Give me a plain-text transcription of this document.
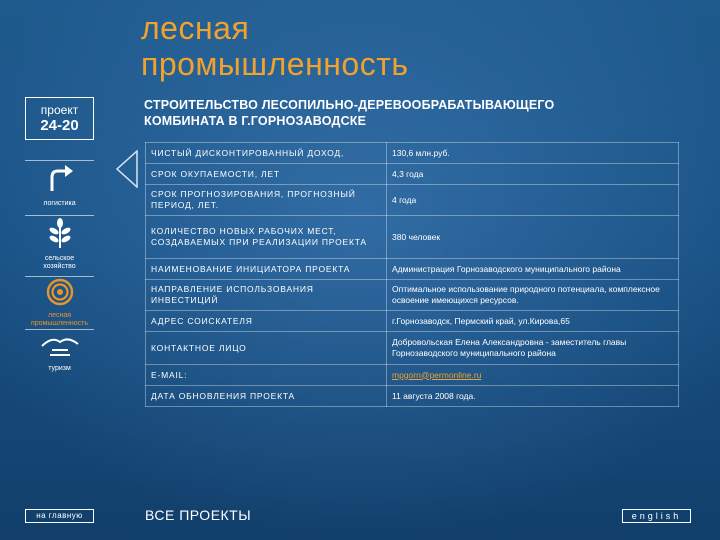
лесная
промышленность
проект
24-20
СТРОИТЕЛЬСТВО ЛЕСОПИЛЬНО-ДЕРЕВООБРАБАТЫВАЮЩЕГО
КОМБИНАТА В Г.ГОРНОЗАВОДСКЕ
логистика
сельское
хозяйство
лесная
промышленность
туризм
ЧИСТЫЙ ДИСКОНТИРОВАННЫЙ ДОХОД,	130,6 млн.руб.
СРОК ОКУПАЕМОСТИ, ЛЕТ	4,3 года
СРОК ПРОГНОЗИРОВАНИЯ, ПРОГНОЗНЫЙ ПЕРИОД, ЛЕТ.	4 года
КОЛИЧЕСТВО НОВЫХ РАБОЧИХ МЕСТ, СОЗДАВАЕМЫХ ПРИ РЕАЛИЗАЦИИ ПРОЕКТА	380 человек
НАИМЕНОВАНИЕ ИНИЦИАТОРА ПРОЕКТА	Администрация Горнозаводского муниципального района
НАПРАВЛЕНИЕ ИСПОЛЬЗОВАНИЯ ИНВЕСТИЦИЙ	Оптимальное использование природного потенциала, комплексное освоение имеющихся ресурсов.
АДРЕС СОИСКАТЕЛЯ	г.Горнозаводск, Пермский край, ул.Кирова,65
КОНТАКТНОЕ ЛИЦО	Добровольская Елена Александровна - заместитель главы Горнозаводского муниципального района
E-MAIL:	mpgorn@permonline.ru
ДАТА ОБНОВЛЕНИЯ ПРОЕКТА	11 августа 2008 года.
на главную	ВСЕ ПРОЕКТЫ	english
